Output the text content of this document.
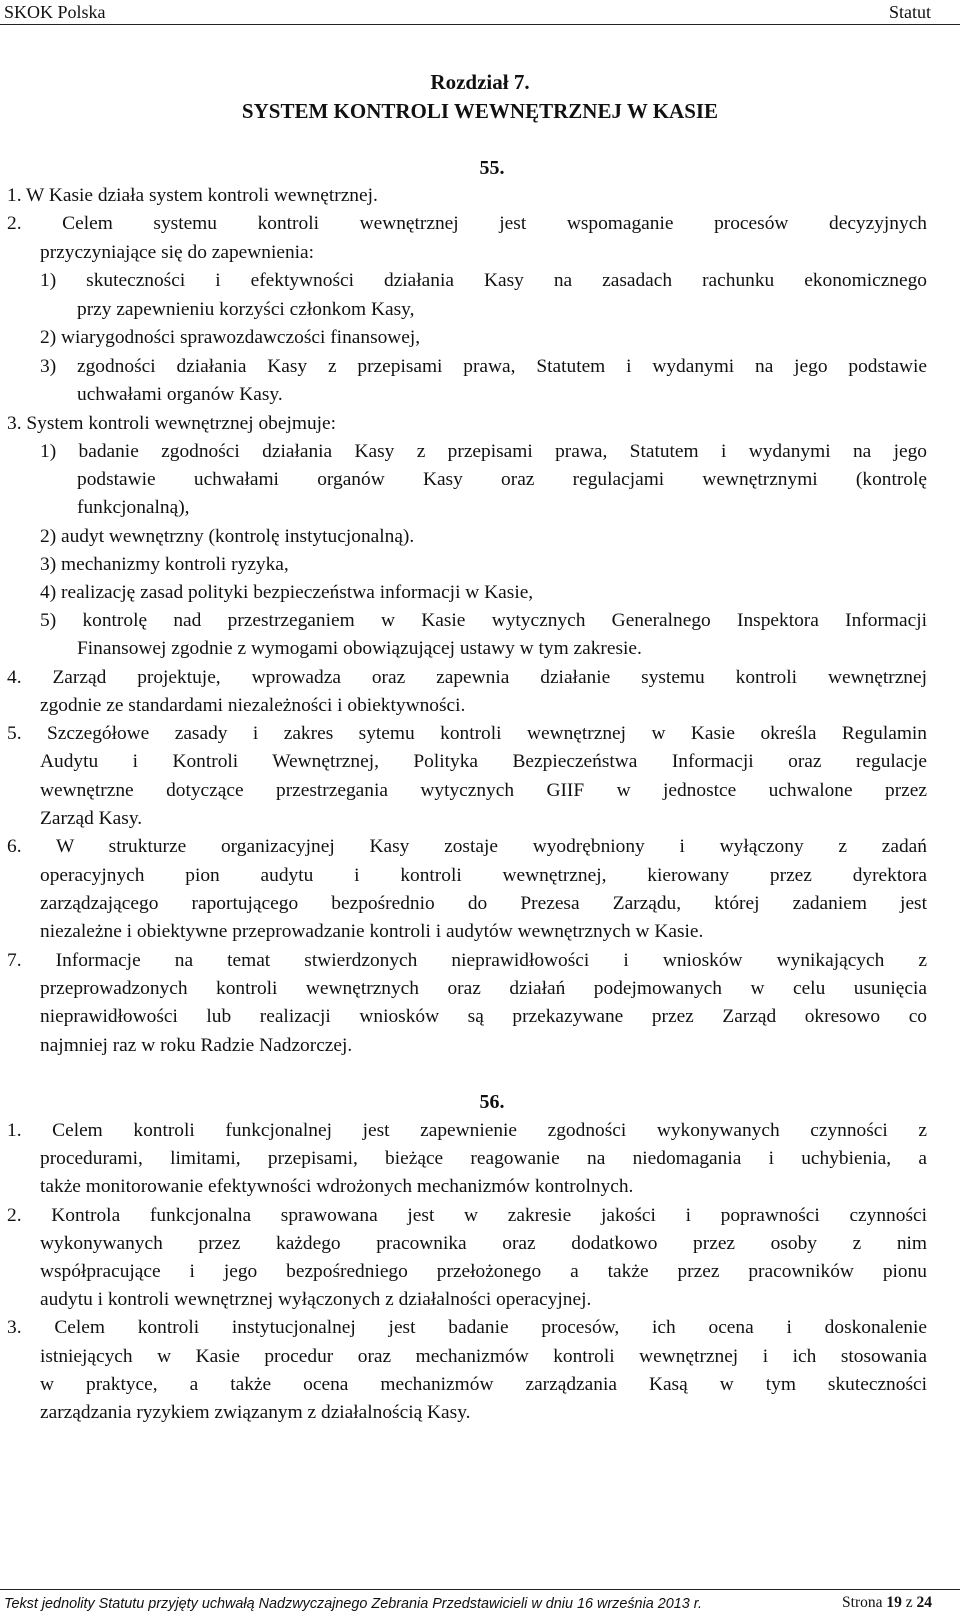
SKOK Polska	Statut
Rozdział 7.
SYSTEM KONTROLI WEWNĘTRZNEJ W KASIE
55.
1. W Kasie działa system kontroli wewnętrznej.
2. Celem systemu kontroli wewnętrznej jest wspomaganie procesów decyzyjnych
przyczyniające się do zapewnienia:
1) skuteczności i efektywności działania Kasy na zasadach rachunku ekonomicznego
przy zapewnieniu korzyści członkom Kasy,
2) wiarygodności sprawozdawczości finansowej,
3) zgodności działania Kasy z przepisami prawa, Statutem i wydanymi na jego podstawie
uchwałami organów Kasy.
3. System kontroli wewnętrznej obejmuje:
1) badanie zgodności działania Kasy z przepisami prawa, Statutem i wydanymi na jego
podstawie uchwałami organów Kasy oraz regulacjami wewnętrznymi (kontrolę
funkcjonalną),
2) audyt wewnętrzny (kontrolę instytucjonalną).
3) mechanizmy kontroli ryzyka,
4) realizację zasad polityki bezpieczeństwa informacji w Kasie,
5) kontrolę nad przestrzeganiem w Kasie wytycznych Generalnego Inspektora Informacji
Finansowej zgodnie z wymogami obowiązującej ustawy w tym zakresie.
4. Zarząd projektuje, wprowadza oraz zapewnia działanie systemu kontroli wewnętrznej
zgodnie ze standardami niezależności i obiektywności.
5. Szczegółowe zasady i zakres sytemu kontroli wewnętrznej w Kasie określa Regulamin
Audytu i Kontroli Wewnętrznej, Polityka Bezpieczeństwa Informacji oraz regulacje
wewnętrzne dotyczące przestrzegania wytycznych GIIF w jednostce uchwalone przez
Zarząd Kasy.
6. W strukturze organizacyjnej Kasy zostaje wyodrębniony i wyłączony z zadań
operacyjnych pion audytu i kontroli wewnętrznej, kierowany przez dyrektora
zarządzającego raportującego bezpośrednio do Prezesa Zarządu, której zadaniem jest
niezależne i obiektywne przeprowadzanie kontroli i audytów wewnętrznych w Kasie.
7. Informacje na temat stwierdzonych nieprawidłowości i wniosków wynikających z
przeprowadzonych kontroli wewnętrznych oraz działań podejmowanych w celu usunięcia
nieprawidłowości lub realizacji wniosków są przekazywane przez Zarząd okresowo co
najmniej raz w roku Radzie Nadzorczej.
56.
1. Celem kontroli funkcjonalnej jest zapewnienie zgodności wykonywanych czynności z
procedurami, limitami, przepisami, bieżące reagowanie na niedomagania i uchybienia, a
także monitorowanie efektywności wdrożonych mechanizmów kontrolnych.
2. Kontrola funkcjonalna sprawowana jest w zakresie jakości i poprawności czynności
wykonywanych przez każdego pracownika oraz dodatkowo przez osoby z nim
współpracujące i jego bezpośredniego przełożonego a także przez pracowników pionu
audytu i kontroli wewnętrznej wyłączonych z działalności operacyjnej.
3. Celem kontroli instytucjonalnej jest badanie procesów, ich ocena i doskonalenie
istniejących w Kasie procedur oraz mechanizmów kontroli wewnętrznej i ich stosowania
w praktyce, a także ocena mechanizmów zarządzania Kasą w tym skuteczności
zarządzania ryzykiem związanym z działalnością Kasy.
Tekst jednolity Statutu przyjęty uchwałą Nadzwyczajnego Zebrania Przedstawicieli w dniu 16 września 2013 r.	Strona 19 z 24
